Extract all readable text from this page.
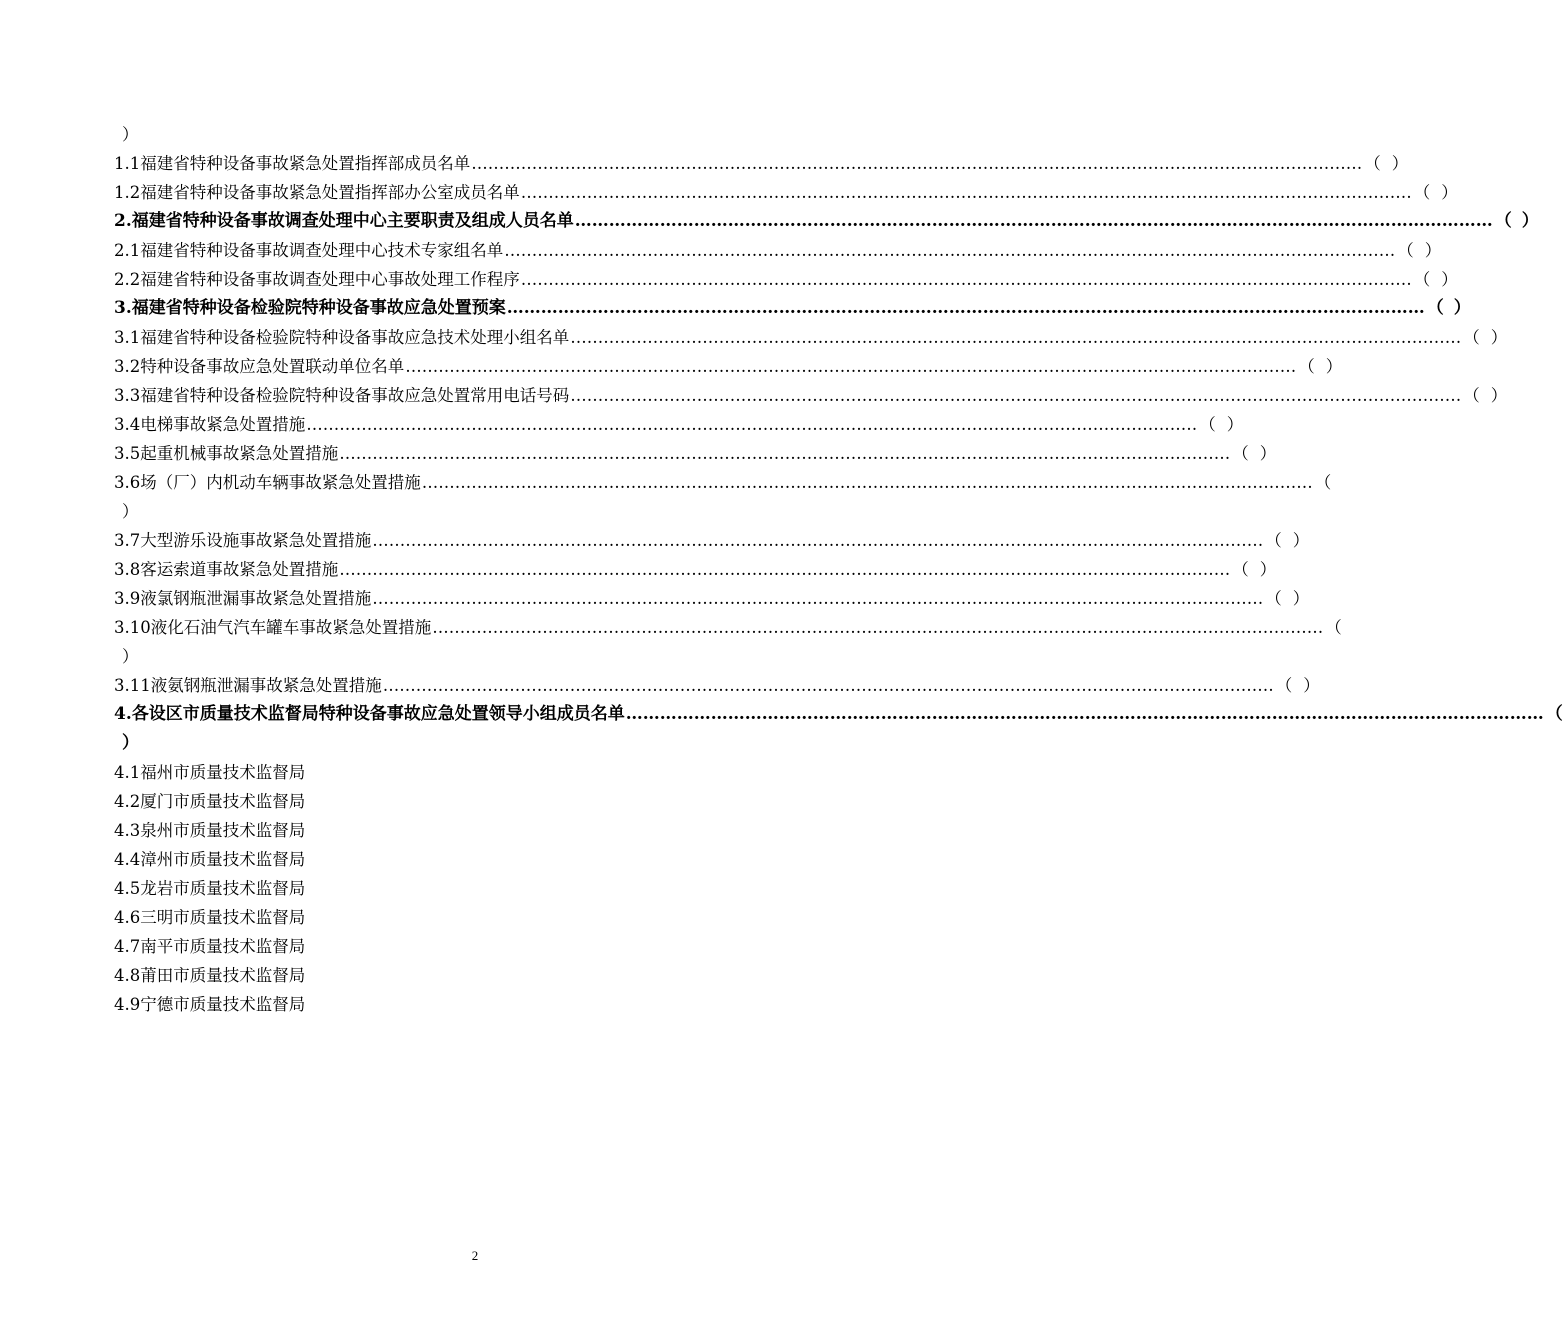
）
1.1福建省特种设备事故紧急处置指挥部成员名单 ………………………………………………………………………………………………………………………………………………	（ ）
1.2福建省特种设备事故紧急处置指挥部办公室成员名单 ………………………………………………………………………………………………………………………………………………	（ ）
2.福建省特种设备事故调查处理中心主要职责及组成人员名单 ………………………………………………………………………………………………………………………………………………	（ ）
2.1福建省特种设备事故调查处理中心技术专家组名单 ………………………………………………………………………………………………………………………………………………	（ ）
2.2福建省特种设备事故调查处理中心事故处理工作程序 ………………………………………………………………………………………………………………………………………………	（ ）
3.福建省特种设备检验院特种设备事故应急处置预案 ………………………………………………………………………………………………………………………………………………	（ ）
3.1福建省特种设备检验院特种设备事故应急技术处理小组名单 ………………………………………………………………………………………………………………………………………………	（ ）
3.2特种设备事故应急处置联动单位名单 ………………………………………………………………………………………………………………………………………………	（ ）
3.3福建省特种设备检验院特种设备事故应急处置常用电话号码 ………………………………………………………………………………………………………………………………………………	（ ）
3.4电梯事故紧急处置措施 ………………………………………………………………………………………………………………………………………………	（ ）
3.5起重机械事故紧急处置措施 ………………………………………………………………………………………………………………………………………………	（ ）
3.6场（厂）内机动车辆事故紧急处置措施 ………………………………………………………………………………………………………………………………………………	（
）
3.7大型游乐设施事故紧急处置措施 ………………………………………………………………………………………………………………………………………………	（ ）
3.8客运索道事故紧急处置措施 ………………………………………………………………………………………………………………………………………………	（ ）
3.9液氯钢瓶泄漏事故紧急处置措施 ………………………………………………………………………………………………………………………………………………	（ ）
3.10液化石油气汽车罐车事故紧急处置措施 ………………………………………………………………………………………………………………………………………………	（
）
3.11液氨钢瓶泄漏事故紧急处置措施 ………………………………………………………………………………………………………………………………………………	（ ）
4.各设区市质量技术监督局特种设备事故应急处置领导小组成员名单 ………………………………………………………………………………………………………………………………………………	（
）
4.1福州市质量技术监督局
4.2厦门市质量技术监督局
4.3泉州市质量技术监督局
4.4漳州市质量技术监督局
4.5龙岩市质量技术监督局
4.6三明市质量技术监督局
4.7南平市质量技术监督局
4.8莆田市质量技术监督局
4.9宁德市质量技术监督局
2
